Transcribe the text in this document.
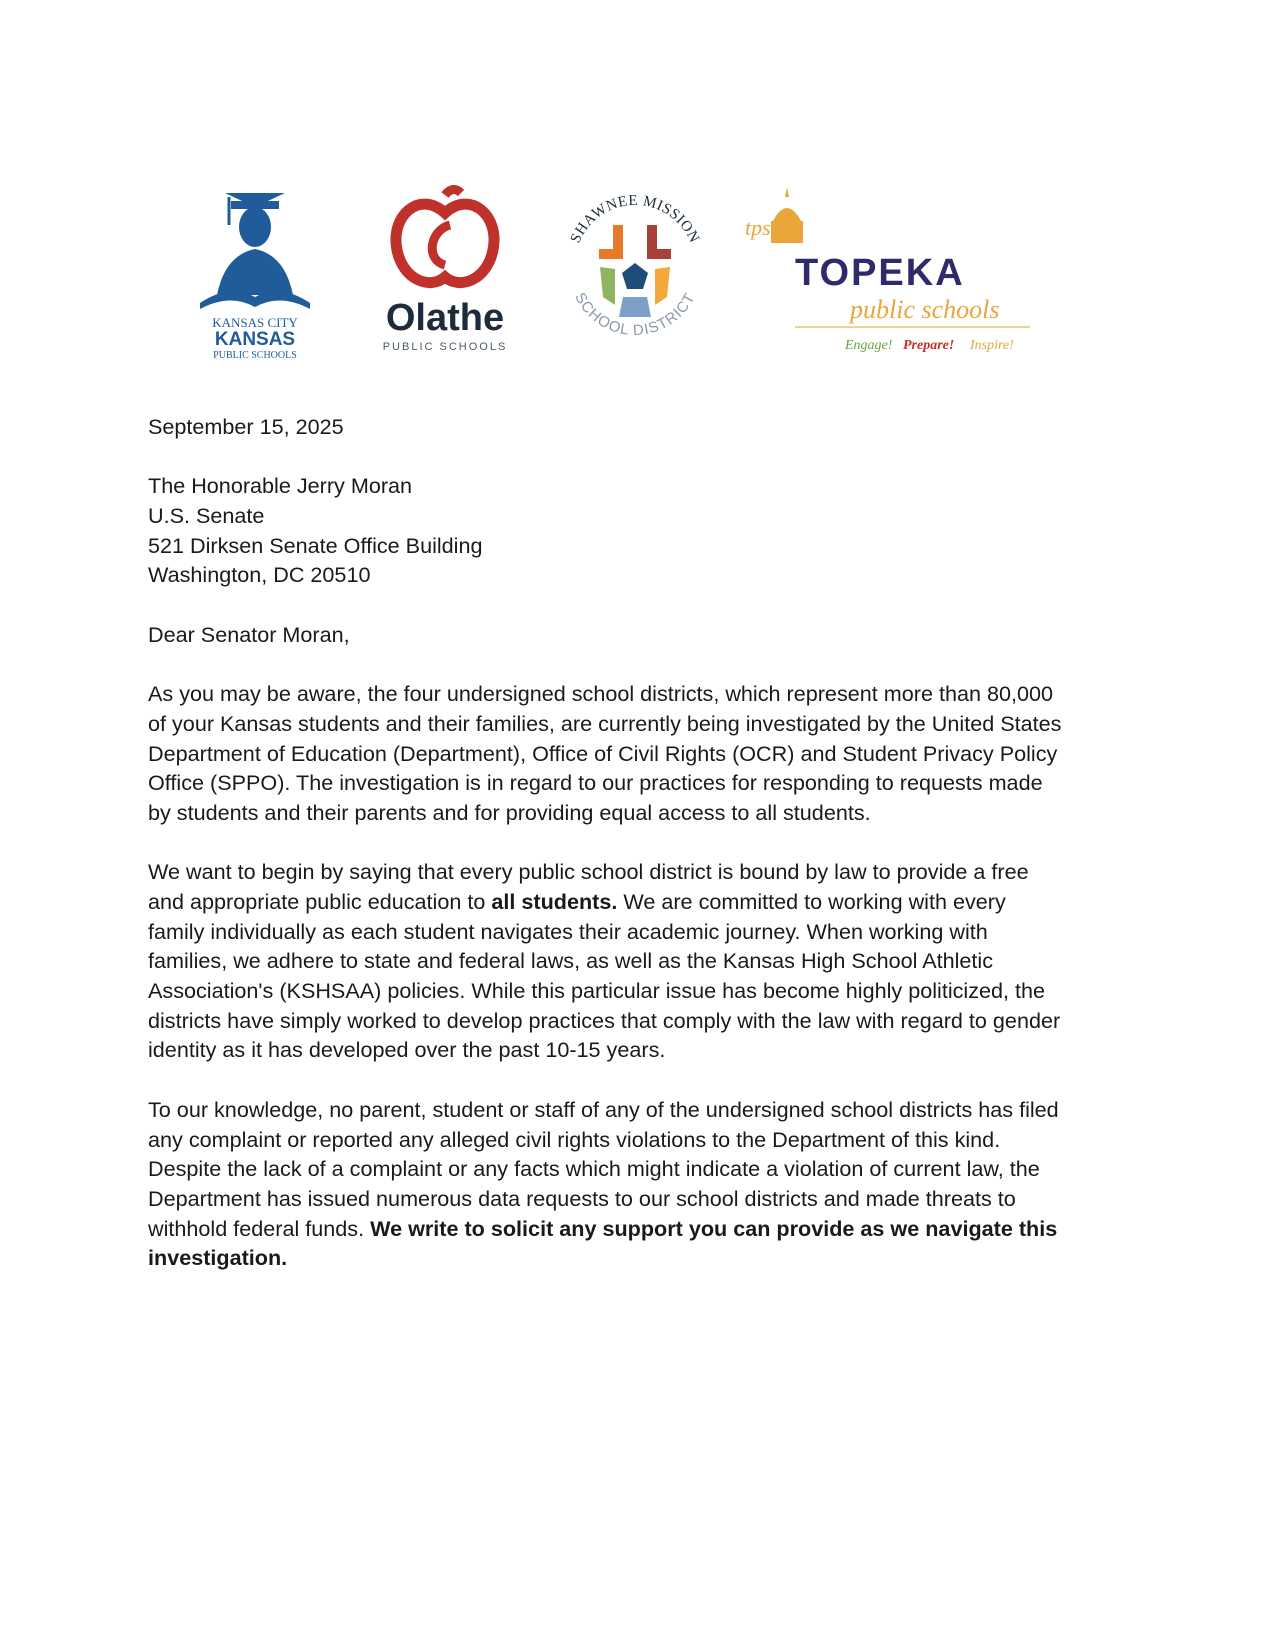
KANSAS CITY
KANSAS
PUBLIC SCHOOLS
Olathe
PUBLIC SCHOOLS
SHAWNEE MISSION
SCHOOL DISTRICT
tps
TOPEKA
public schools
Engage! Prepare! Inspire!
September 15, 2025
The Honorable Jerry Moran
U.S. Senate
521 Dirksen Senate Office Building
Washington, DC 20510
Dear Senator Moran,
As you may be aware, the four undersigned school districts, which represent more than 80,000
of your Kansas students and their families, are currently being investigated by the United States
Department of Education (Department), Office of Civil Rights (OCR) and Student Privacy Policy
Office (SPPO). The investigation is in regard to our practices for responding to requests made
by students and their parents and for providing equal access to all students.
We want to begin by saying that every public school district is bound by law to provide a free
and appropriate public education to all students. We are committed to working with every
family individually as each student navigates their academic journey. When working with
families, we adhere to state and federal laws, as well as the Kansas High School Athletic
Association's (KSHSAA) policies. While this particular issue has become highly politicized, the
districts have simply worked to develop practices that comply with the law with regard to gender
identity as it has developed over the past 10-15 years.
To our knowledge, no parent, student or staff of any of the undersigned school districts has filed
any complaint or reported any alleged civil rights violations to the Department of this kind.
Despite the lack of a complaint or any facts which might indicate a violation of current law, the
Department has issued numerous data requests to our school districts and made threats to
withhold federal funds. We write to solicit any support you can provide as we navigate this
investigation.
